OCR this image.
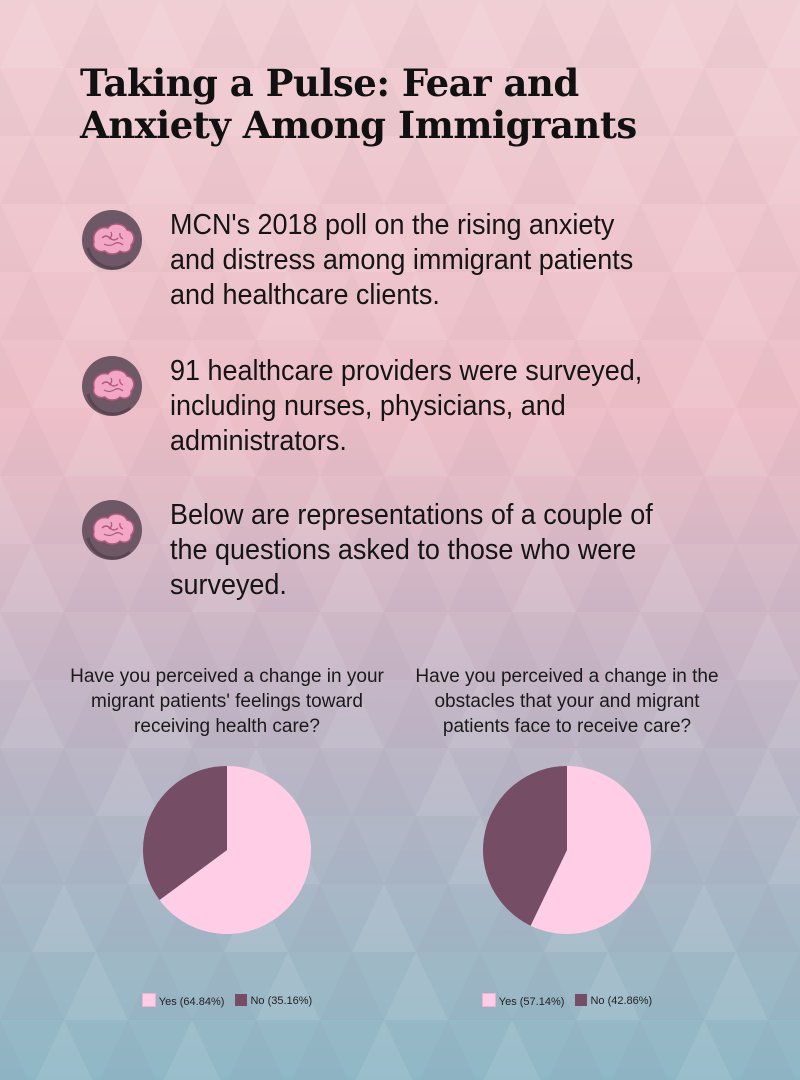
Taking a Pulse: Fear and Anxiety Among Immigrants

MCN's 2018 poll on the rising anxiety and distress among immigrant patients and healthcare clients.

91 healthcare providers were surveyed, including nurses, physicians, and administrators.

Below are representations of a couple of the questions asked to those who were surveyed.

Have you perceived a change in your migrant patients' feelings toward receiving health care?

Yes (64.84%) No (35.16%)

Have you perceived a change in the obstacles that your and migrant patients face to receive care?

Yes (57.14%) No (42.86%)
